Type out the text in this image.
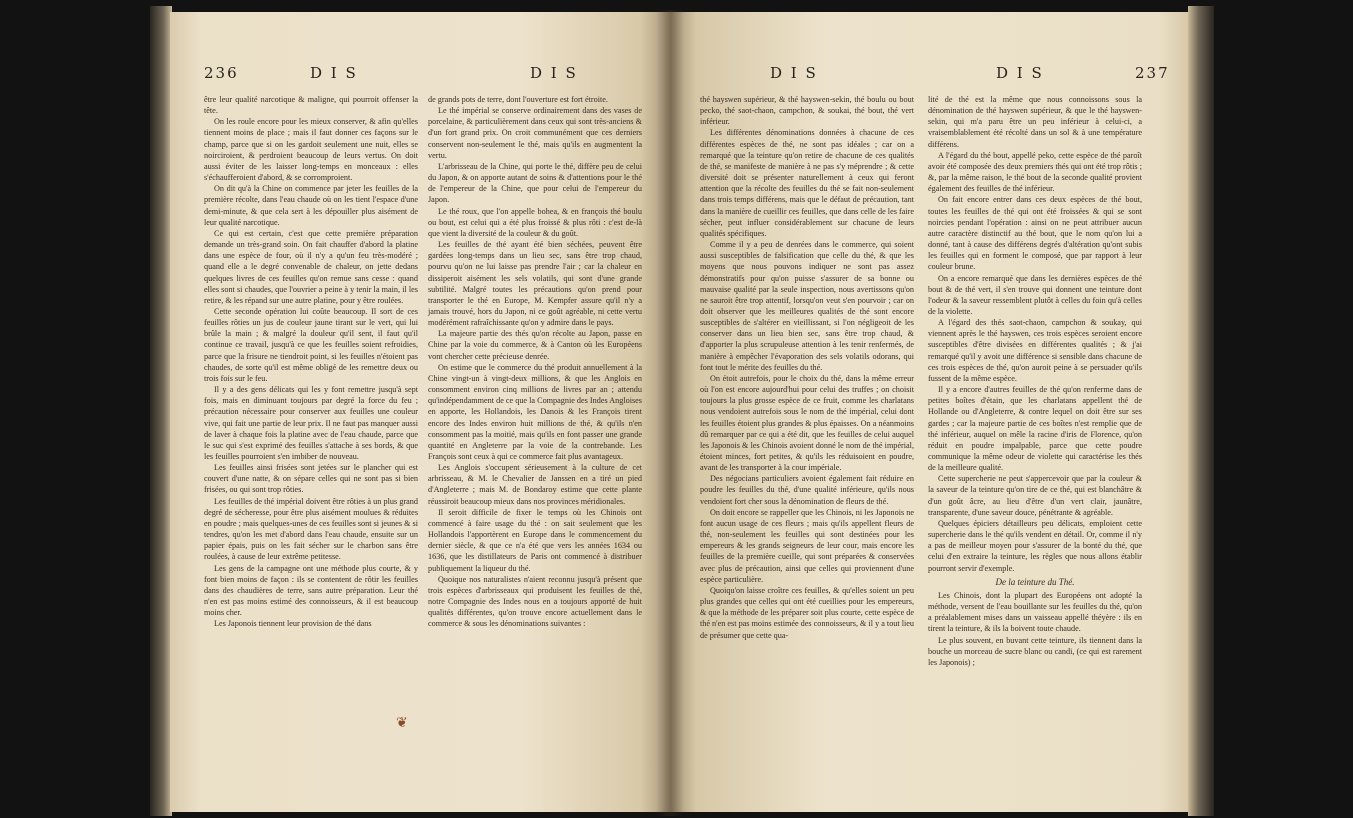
236	D I S	D I S

être leur qualité narcotique & maligne, qui pourroit offenser la tête.

On les roule encore pour les mieux conserver, & afin qu'elles tiennent moins de place ; mais il faut donner ces façons sur le champ, parce que si on les gardoit seulement une nuit, elles se noirciroient, & perdroient beaucoup de leurs vertus. On doit aussi éviter de les laisser long-temps en monceaux : elles s'échaufferoient d'abord, & se corromproient.

On dit qu'à la Chine on commence par jeter les feuilles de la première récolte, dans l'eau chaude où on les tient l'espace d'une demi-minute, & que cela sert à les dépouiller plus aisément de leur qualité narcotique.

Ce qui est certain, c'est que cette première préparation demande un très-grand soin. On fait chauffer d'abord la platine dans une espèce de four, où il n'y a qu'un feu très-modéré ; quand elle a le degré convenable de chaleur, on jette dedans quelques livres de ces feuilles qu'on remue sans cesse : quand elles sont si chaudes, que l'ouvrier a peine à y tenir la main, il les retire, & les répand sur une autre platine, pour y être roulées.

Cette seconde opération lui coûte beaucoup. Il sort de ces feuilles rôties un jus de couleur jaune tirant sur le vert, qui lui brûle la main ; & malgré la douleur qu'il sent, il faut qu'il continue ce travail, jusqu'à ce que les feuilles soient refroidies, parce que la frisure ne tiendroit point, si les feuilles n'étoient pas chaudes, de sorte qu'il est même obligé de les remettre deux ou trois fois sur le feu.

Il y a des gens délicats qui les y font remettre jusqu'à sept fois, mais en diminuant toujours par degré la force du feu ; précaution nécessaire pour conserver aux feuilles une couleur vive, qui fait une partie de leur prix. Il ne faut pas manquer aussi de laver à chaque fois la platine avec de l'eau chaude, parce que le suc qui s'est exprimé des feuilles s'attache à ses bords, & que les feuilles pourroient s'en imbiber de nouveau.

Les feuilles ainsi frisées sont jetées sur le plancher qui est couvert d'une natte, & on sépare celles qui ne sont pas si bien frisées, ou qui sont trop rôties.

Les feuilles de thé impérial doivent être rôties à un plus grand degré de sécheresse, pour être plus aisément moulues & réduites en poudre ; mais quelques-unes de ces feuilles sont si jeunes & si tendres, qu'on les met d'abord dans l'eau chaude, ensuite sur un papier épais, puis on les fait sécher sur le charbon sans être roulées, à cause de leur extrême petitesse.

Les gens de la campagne ont une méthode plus courte, & y font bien moins de façon : ils se contentent de rôtir les feuilles dans des chaudières de terre, sans autre préparation. Leur thé n'en est pas moins estimé des connoisseurs, & il est beaucoup moins cher.

Les Japonois tiennent leur provision de thé dans

de grands pots de terre, dont l'ouverture est fort étroite.

Le thé impérial se conserve ordinairement dans des vases de porcelaine, & particulièrement dans ceux qui sont très-anciens & d'un fort grand prix. On croit communément que ces derniers conservent non-seulement le thé, mais qu'ils en augmentent la vertu.

L'arbrisseau de la Chine, qui porte le thé, diffère peu de celui du Japon, & on apporte autant de soins & d'attentions pour le thé de l'empereur de la Chine, que pour celui de l'empereur du Japon.

Le thé roux, que l'on appelle bohea, & en françois thé boulu ou bout, est celui qui a été plus froissé & plus rôti : c'est de-là que vient la diversité de la couleur & du goût.

Les feuilles de thé ayant été bien séchées, peuvent être gardées long-temps dans un lieu sec, sans être trop chaud, pourvu qu'on ne lui laisse pas prendre l'air ; car la chaleur en dissiperoit aisément les sels volatils, qui sont d'une grande subtilité. Malgré toutes les précautions qu'on prend pour transporter le thé en Europe, M. Kempfer assure qu'il n'y a jamais trouvé, hors du Japon, ni ce goût agréable, ni cette vertu modérément rafraîchissante qu'on y admire dans le pays.

La majeure partie des thés qu'on récolte au Japon, passe en Chine par la voie du commerce, & à Canton où les Européens vont chercher cette précieuse denrée.

On estime que le commerce du thé produit annuellement à la Chine vingt-un à vingt-deux millions, & que les Anglois en consomment environ cinq millions de livres par an ; attendu qu'indépendamment de ce que la Compagnie des Indes Angloises en apporte, les Hollandois, les Danois & les François tirent encore des Indes environ huit millions de thé, & qu'ils n'en consomment pas la moitié, mais qu'ils en font passer une grande quantité en Angleterre par la voie de la contrebande. Les François sont ceux à qui ce commerce fait plus avantageux.

Les Anglois s'occupent sérieusement à la culture de cet arbrisseau, & M. le Chevalier de Janssen en a tiré un pied d'Angleterre ; mais M. de Bondaroy estime que cette plante réussiroit beaucoup mieux dans nos provinces méridionales.

Il seroit difficile de fixer le temps où les Chinois ont commencé à faire usage du thé : on sait seulement que les Hollandois l'apportèrent en Europe dans le commencement du dernier siècle, & que ce n'a été que vers les années 1634 ou 1636, que les distillateurs de Paris ont commencé à distribuer publiquement la liqueur du thé.

Quoique nos naturalistes n'aient reconnu jusqu'à présent que trois espèces d'arbrisseaux qui produisent les feuilles de thé, notre Compagnie des Indes nous en a toujours apporté de huit qualités différentes, qu'on trouve encore actuellement dans le commerce & sous les dénominations suivantes :

❦
D I S	D I S	237

thé hayswen supérieur, & thé hayswen-sekin, thé boulu ou bout pecko, thé saot-chaon, campchon, & soukai, thé bout, thé vert inférieur.

Les différentes dénominations données à chacune de ces différentes espèces de thé, ne sont pas idéales ; car on a remarqué que la teinture qu'on retire de chacune de ces qualités de thé, se manifeste de manière à ne pas s'y méprendre ; & cette diversité doit se présenter naturellement à ceux qui feront attention que la récolte des feuilles du thé se fait non-seulement dans trois temps différens, mais que le défaut de précaution, tant dans la manière de cueillir ces feuilles, que dans celle de les faire sécher, peut influer considérablement sur chacune de leurs qualités spécifiques.

Comme il y a peu de denrées dans le commerce, qui soient aussi susceptibles de falsification que celle du thé, & que les moyens que nous pouvons indiquer ne sont pas assez démonstratifs pour qu'on puisse s'assurer de sa bonne ou mauvaise qualité par la seule inspection, nous avertissons qu'on ne sauroit être trop attentif, lorsqu'on veut s'en pourvoir ; car on doit observer que les meilleures qualités de thé sont encore susceptibles de s'altérer en vieillissant, si l'on négligeoit de les conserver dans un lieu bien sec, sans être trop chaud, & d'apporter la plus scrupuleuse attention à les tenir renfermés, de manière à empêcher l'évaporation des sels volatils odorans, qui font tout le mérite des feuilles du thé.

On étoit autrefois, pour le choix du thé, dans la même erreur où l'on est encore aujourd'hui pour celui des truffes ; on choisit toujours la plus grosse espèce de ce fruit, comme les charlatans nous vendoient autrefois sous le nom de thé impérial, celui dont les feuilles étoient plus grandes & plus épaisses. On a néanmoins dû remarquer par ce qui a été dit, que les feuilles de celui auquel les Japonois & les Chinois avoient donné le nom de thé impérial, étoient minces, fort petites, & qu'ils les réduisoient en poudre, avant de les transporter à la cour impériale.

Des négocians particuliers avoient également fait réduire en poudre les feuilles du thé, d'une qualité inférieure, qu'ils nous vendoient fort cher sous la dénomination de fleurs de thé.

On doit encore se rappeller que les Chinois, ni les Japonois ne font aucun usage de ces fleurs ; mais qu'ils appellent fleurs de thé, non-seulement les feuilles qui sont destinées pour les empereurs & les grands seigneurs de leur cour, mais encore les feuilles de la première cueille, qui sont préparées & conservées avec plus de précaution, ainsi que celles qui proviennent d'une espèce particulière.

Quoiqu'on laisse croître ces feuilles, & qu'elles soient un peu plus grandes que celles qui ont été cueillies pour les empereurs, & que la méthode de les préparer soit plus courte, cette espèce de thé n'en est pas moins estimée des connoisseurs, & il y a tout lieu de présumer que cette qua-

lité de thé est la même que nous connoissons sous la dénomination de thé hayswen supérieur, & que le thé hayswen-sekin, qui m'a paru être un peu inférieur à celui-ci, a vraisemblablement été récolté dans un sol & à une température différens.

A l'égard du thé bout, appellé peko, cette espèce de thé paroît avoir été composée des deux premiers thés qui ont été trop rôtis ; &, par la même raison, le thé bout de la seconde qualité provient également des feuilles de thé inférieur.

On fait encore entrer dans ces deux espèces de thé bout, toutes les feuilles de thé qui ont été froissées & qui se sont noircies pendant l'opération : ainsi on ne peut attribuer aucun autre caractère distinctif au thé bout, que le nom qu'on lui a donné, tant à cause des différens degrés d'altération qu'ont subis les feuilles qui en forment le composé, que par rapport à leur couleur brune.

On a encore remarqué que dans les dernières espèces de thé bout & de thé vert, il s'en trouve qui donnent une teinture dont l'odeur & la saveur ressemblent plutôt à celles du foin qu'à celles de la violette.

A l'égard des thés saot-chaon, campchon & soukay, qui viennent après le thé hayswen, ces trois espèces seroient encore susceptibles d'être divisées en différentes qualités ; & j'ai remarqué qu'il y avoit une différence si sensible dans chacune de ces trois espèces de thé, qu'on auroit peine à se persuader qu'ils fussent de la même espèce.

Il y a encore d'autres feuilles de thé qu'on renferme dans de petites boîtes d'étain, que les charlatans appellent thé de Hollande ou d'Angleterre, & contre lequel on doit être sur ses gardes ; car la majeure partie de ces boîtes n'est remplie que de thé inférieur, auquel on mêle la racine d'iris de Florence, qu'on réduit en poudre impalpable, parce que cette poudre communique la même odeur de violette qui caractérise les thés de la meilleure qualité.

Cette supercherie ne peut s'appercevoir que par la couleur & la saveur de la teinture qu'on tire de ce thé, qui est blanchâtre & d'un goût âcre, au lieu d'être d'un vert clair, jaunâtre, transparente, d'une saveur douce, pénétrante & agréable.

Quelques épiciers détailleurs peu délicats, emploient cette supercherie dans le thé qu'ils vendent en détail. Or, comme il n'y a pas de meilleur moyen pour s'assurer de la bonté du thé, que celui d'en extraire la teinture, les règles que nous allons établir pourront servir d'exemple.

De la teinture du Thé.

Les Chinois, dont la plupart des Européens ont adopté la méthode, versent de l'eau bouillante sur les feuilles du thé, qu'on a préalablement mises dans un vaisseau appellé théyère : ils en tirent la teinture, & ils la boivent toute chaude.

Le plus souvent, en buvant cette teinture, ils tiennent dans la bouche un morceau de sucre blanc ou candi, (ce qui est rarement les Japonois) ;
